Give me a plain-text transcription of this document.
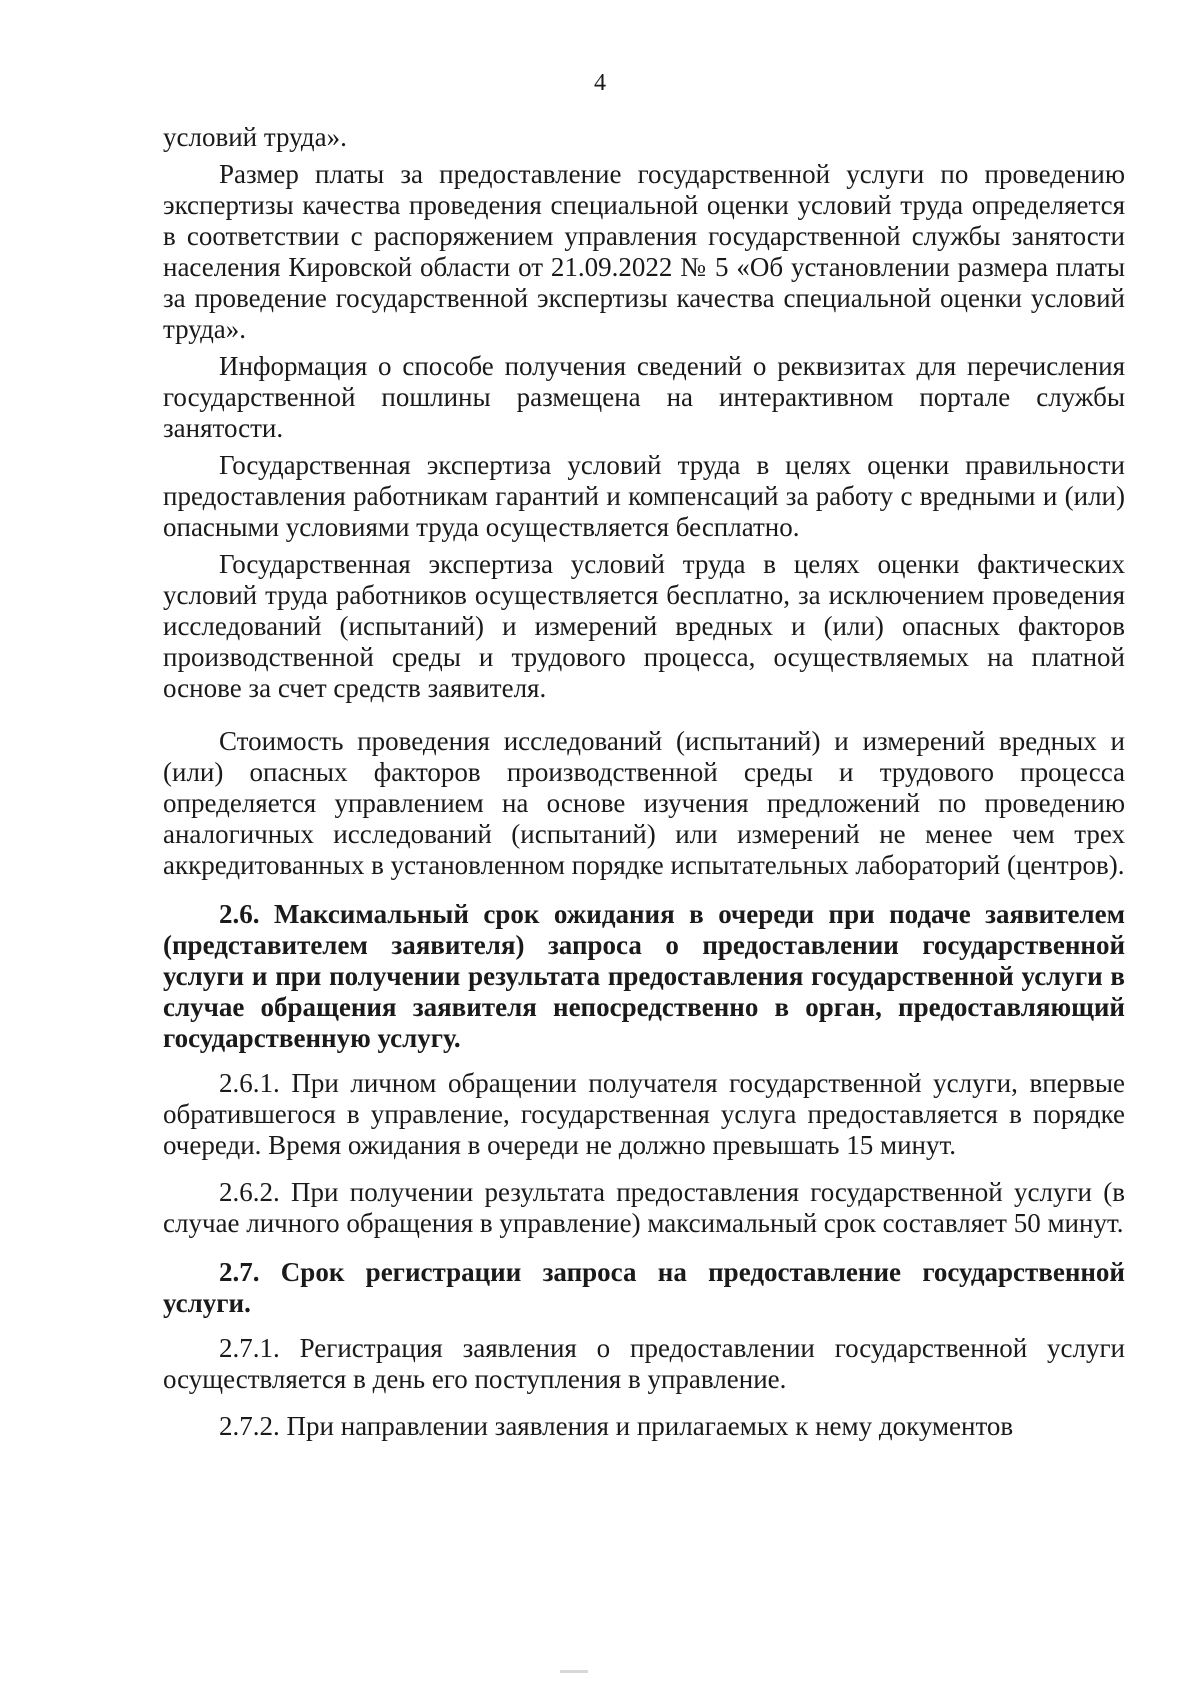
4

условий труда».

Размер платы за предоставление государственной услуги по проведению экспертизы качества проведения специальной оценки условий труда определяется в соответствии с распоряжением управления государственной службы занятости населения Кировской области от 21.09.2022 № 5 «Об установлении размера платы за проведение государственной экспертизы качества специальной оценки условий труда».

Информация о способе получения сведений о реквизитах для перечисления государственной пошлины размещена на интерактивном портале службы занятости.

Государственная экспертиза условий труда в целях оценки правильности предоставления работникам гарантий и компенсаций за работу с вредными и (или) опасными условиями труда осуществляется бесплатно.

Государственная экспертиза условий труда в целях оценки фактических условий труда работников осуществляется бесплатно, за исключением проведения исследований (испытаний) и измерений вредных и (или) опасных факторов производственной среды и трудового процесса, осуществляемых на платной основе за счет средств заявителя.

Стоимость проведения исследований (испытаний) и измерений вредных и (или) опасных факторов производственной среды и трудового процесса определяется управлением на основе изучения предложений по проведению аналогичных исследований (испытаний) или измерений не менее чем трех аккредитованных в установленном порядке испытательных лабораторий (центров).

2.6. Максимальный срок ожидания в очереди при подаче заявителем (представителем заявителя) запроса о предоставлении государственной услуги и при получении результата предоставления государственной услуги в случае обращения заявителя непосредственно в орган, предоставляющий государственную услугу.

2.6.1. При личном обращении получателя государственной услуги, впервые обратившегося в управление, государственная услуга предоставляется в порядке очереди. Время ожидания в очереди не должно превышать 15 минут.

2.6.2. При получении результата предоставления государственной услуги (в случае личного обращения в управление) максимальный срок составляет 50 минут.

2.7. Срок регистрации запроса на предоставление государственной услуги.

2.7.1. Регистрация заявления о предоставлении государственной услуги осуществляется в день его поступления в управление.

2.7.2. При направлении заявления и прилагаемых к нему документов
